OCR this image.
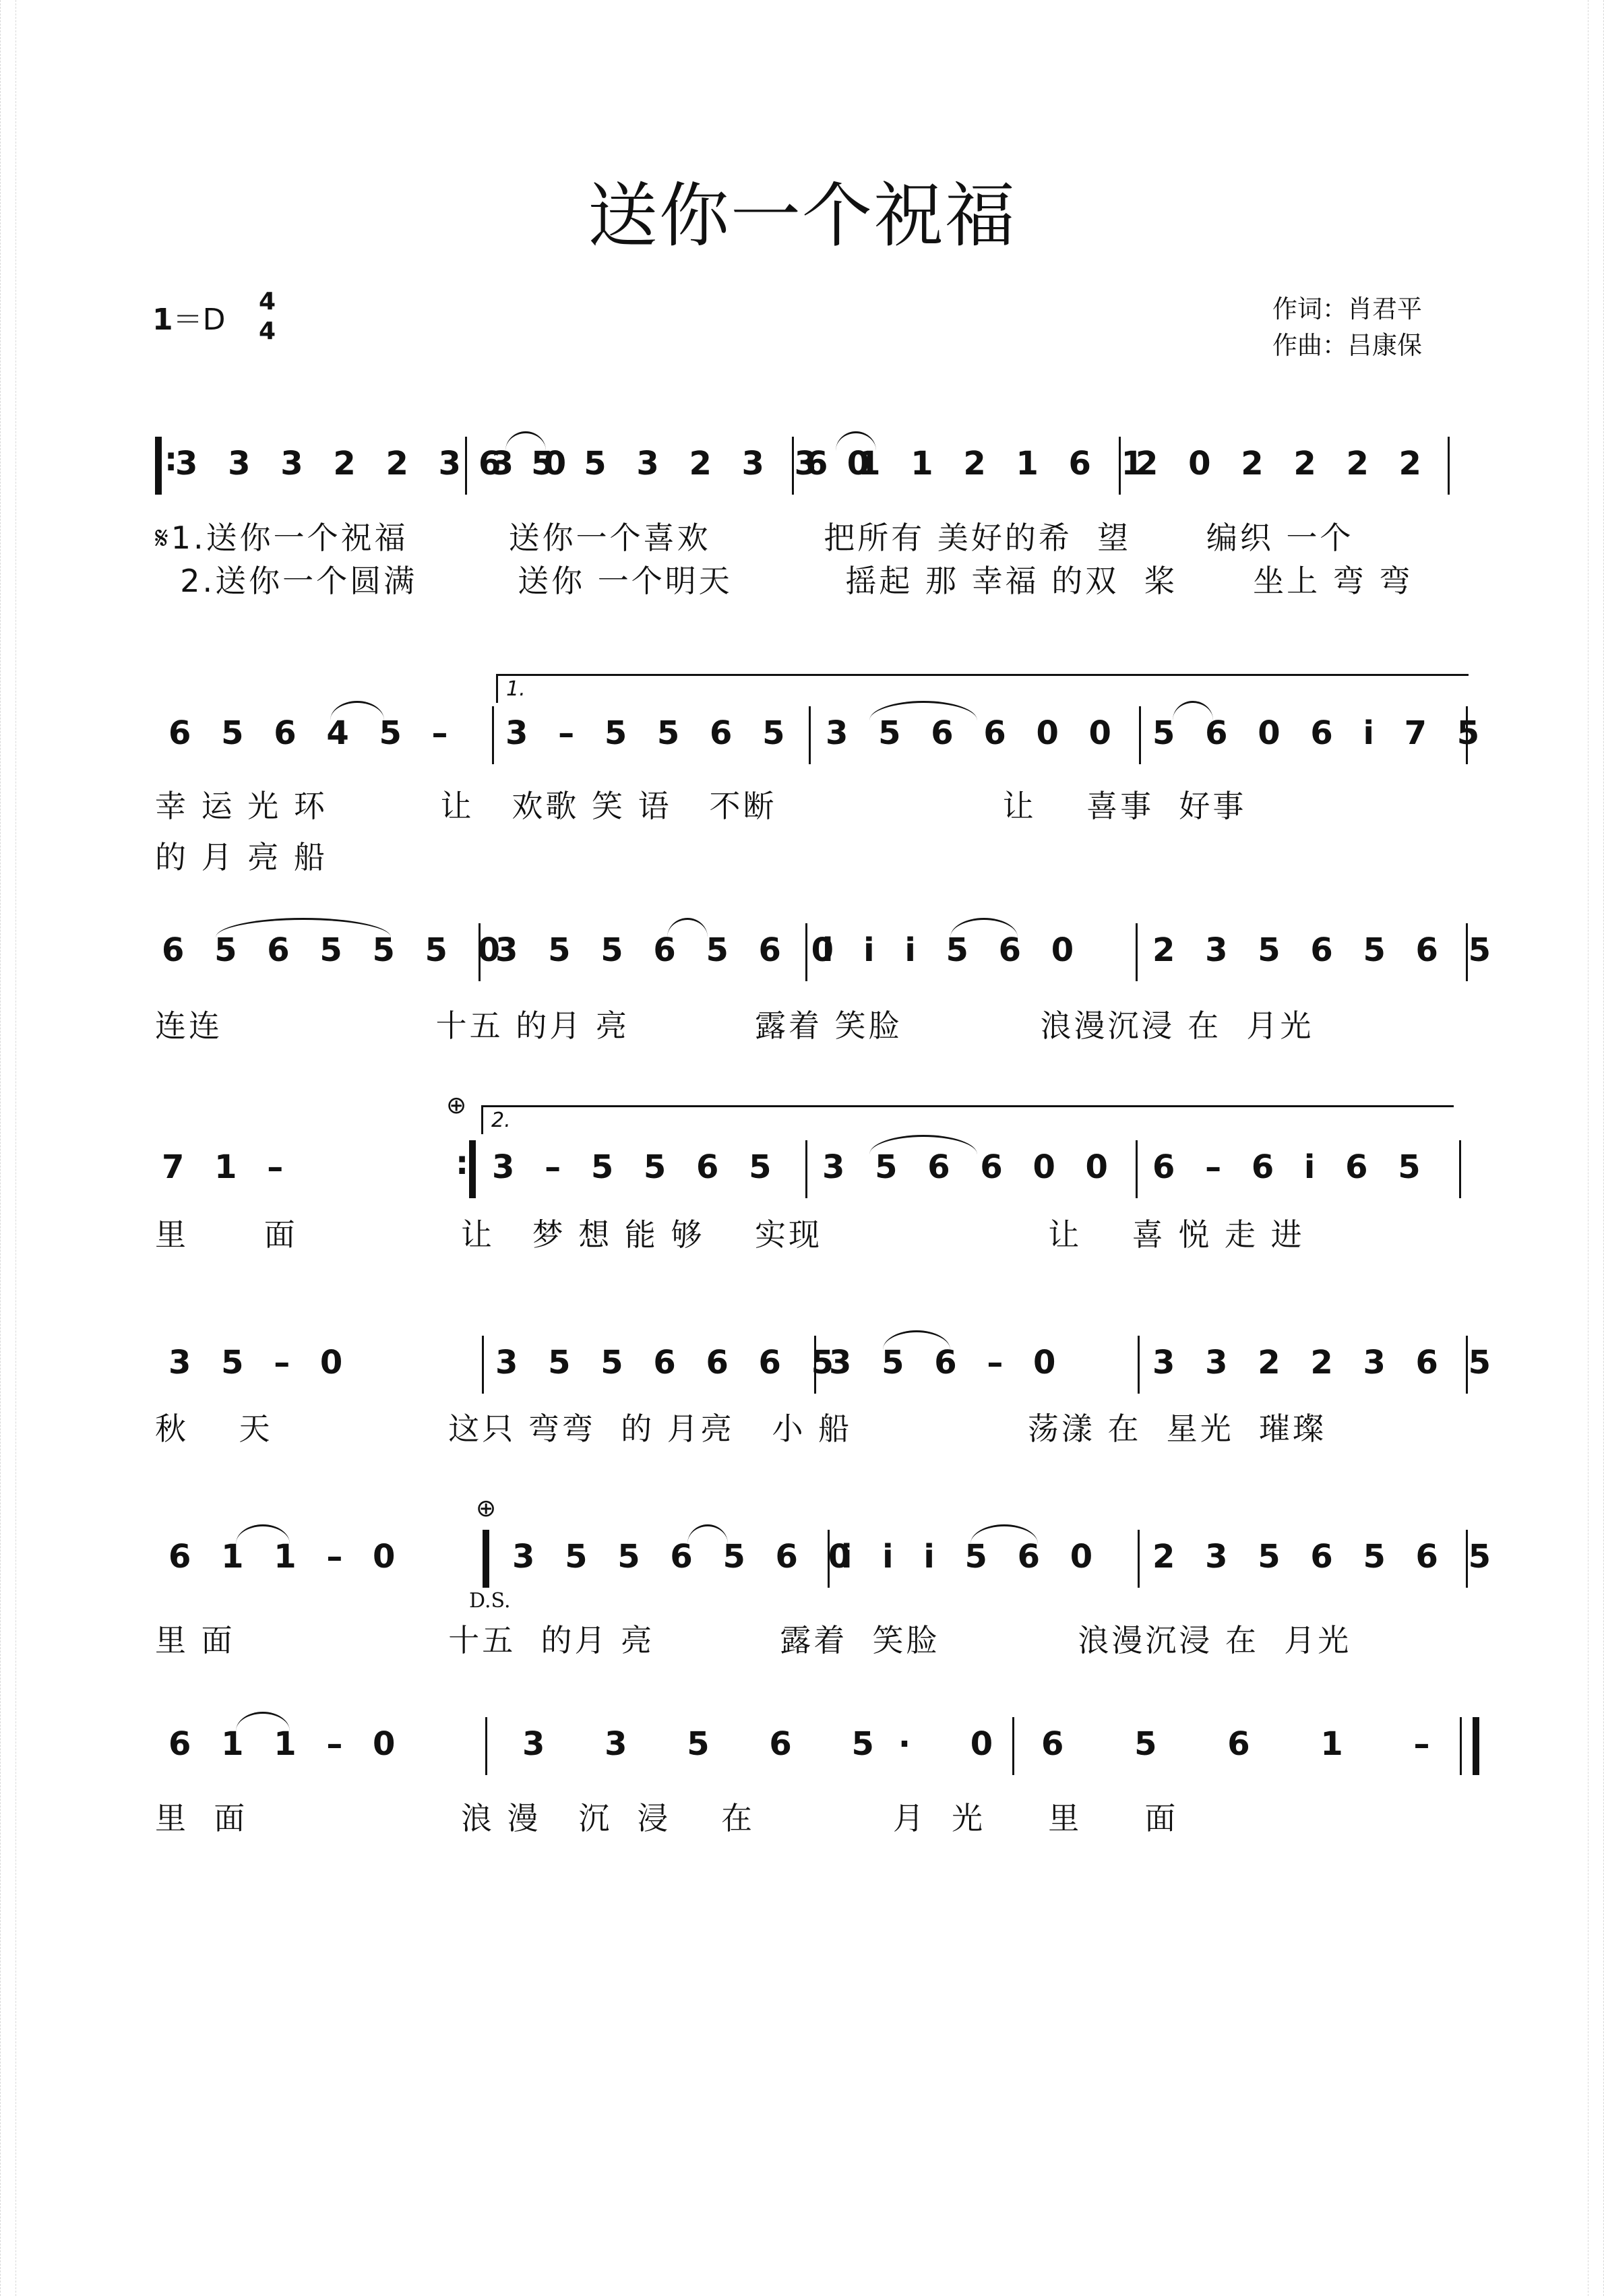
送你一个祝福
1＝D
4
4
作词：肖君平
作曲：吕康保
:
3 3 3 2 2 3 3 0
6 5 5 3 2 3 3 0
6 1 1 2 1 6 1
2 0 2 2 2 2
𝄋1.送你一个祝福        送你一个喜欢         把所有 美好的希  望      编织 一个
2.送你一个圆满        送你 一个明天         摇起 那 幸福 的双  桨      坐上 弯 弯
1.
6 5 6 4 5 – 3 – 5 5 6 5 3 5 6 6 0 0 5 6 0 6 i 7 5
幸 运 光 环         让   欢歌 笑 语   不断                  让    喜事  好事
的 月 亮 船
6 5 6 5 5 5 0
3 5 5 6 5 6 0
i i i 5 6 0 2 3 5 6 5 6 5
连连                 十五 的月 亮          露着 笑脸           浪漫沉浸 在  月光
⊕
2.
7 1 –	: 3 – 5 5 6 5 3 5 6 6 0 0 6 – 6 i 6 5
里      面             让   梦 想 能 够    实现                  让    喜 悦 走 进
3 5 – 0	3 5 5 6 6 6 5
3 5 6 – 0	3 3 2 2 3 6 5
秋    天              这只 弯弯  的 月亮   小 船              荡漾 在  星光  璀璨
⊕
6 1 1 – 0	3 5 5 6 5 6 0
i i i 5 6 0 2 3 5 6 5 6 5
D.S.
里 面                 十五  的月 亮          露着  笑脸           浪漫沉浸 在  月光
6 1 1 – 0	3 3 5 6 5· 0 6 5 6 1 –
里  面                 浪 漫   沉  浸    在           月  光     里     面
